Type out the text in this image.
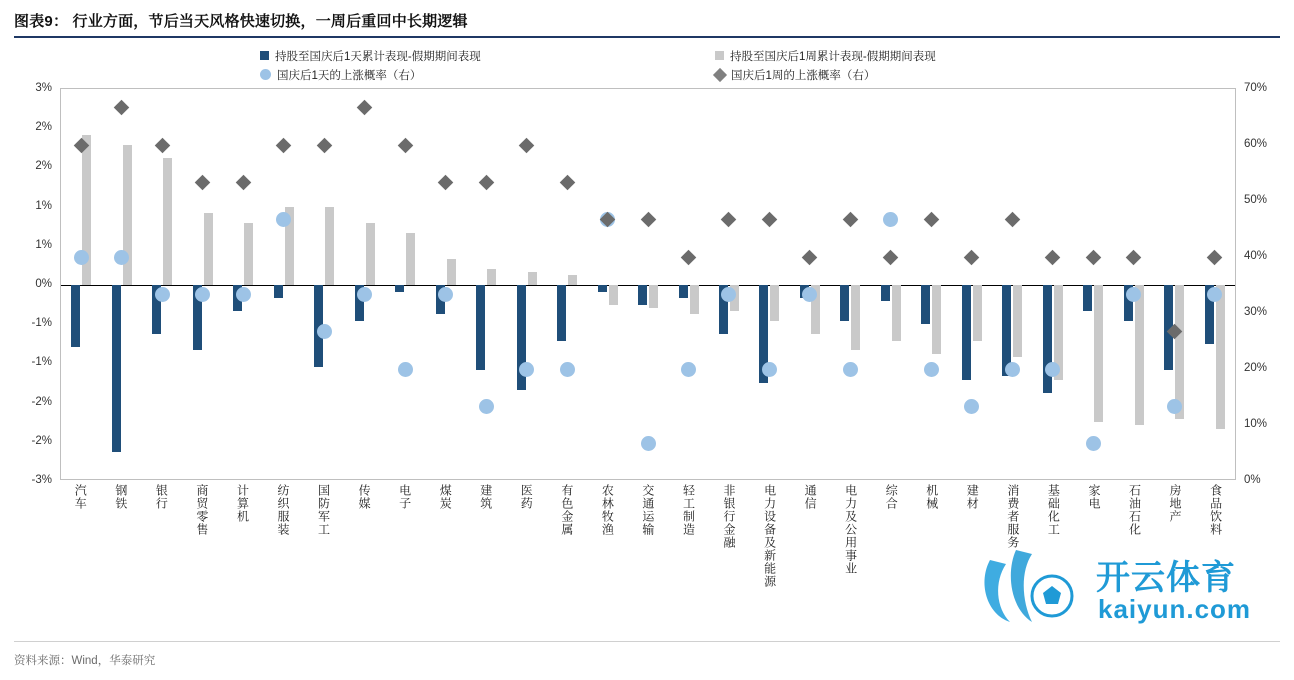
图表9： 行业方面，节后当天风格快速切换，一周后重回中长期逻辑
持股至国庆后1天累计表现-假期期间表现	持股至国庆后1周累计表现-假期期间表现
国庆后1天的上涨概率（右）	国庆后1周的上涨概率（右）
3%
2%
2%
1%
1%
0%
-1%
-1%
-2%
-2%
-3%
70%
60%
50%
40%
30%
20%
10%
0%
汽车 钢铁 银行 商贸零售 计算机 纺织服装 国防军工 传媒 电子 煤炭 建筑 医药 有色金属 农林牧渔 交通运输 轻工制造 非银行金融 电力设备及新能源 通信 电力及公用事业 综合 机械 建材 消费者服务 基础化工 家电 石油石化 房地产 食品饮料
资料来源：Wind，华泰研究
开云体育
kaiyun.com
